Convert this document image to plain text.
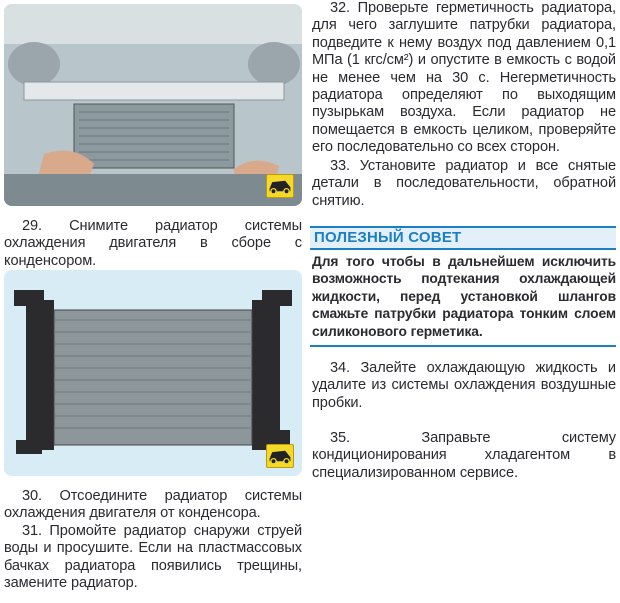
29. Снимите радиатор системы охлаждения двигателя в сборе с конденсором.

30. Отсоедините радиатор системы охлаждения двигателя от конденсора.

31. Промойте радиатор снаружи струей воды и просушите. Если на пластмассовых бачках радиатора появились трещины, замените радиатор.

32. Проверьте герметичность радиатора, для чего заглушите патрубки радиатора, подведите к нему воздух под давлением 0,1 МПа (1 кгс/см²) и опустите в емкость с водой не менее чем на 30 с. Негерметичность радиатора определяют по выходящим пузырькам воздуха. Если радиатор не помещается в емкость целиком, проверяйте его последовательно со всех сторон.

33. Установите радиатор и все снятые детали в последовательности, обратной снятию.

ПОЛЕЗНЫЙ СОВЕТ

Для того чтобы в дальнейшем исключить возможность подтекания охлаждающей жидкости, перед установкой шлангов смажьте патрубки радиатора тонким слоем силиконового герметика.

34. Залейте охлаждающую жидкость и удалите из системы охлаждения воздушные пробки.

35. Заправьте систему кондиционирования хладагентом в специализированном сервисе.
